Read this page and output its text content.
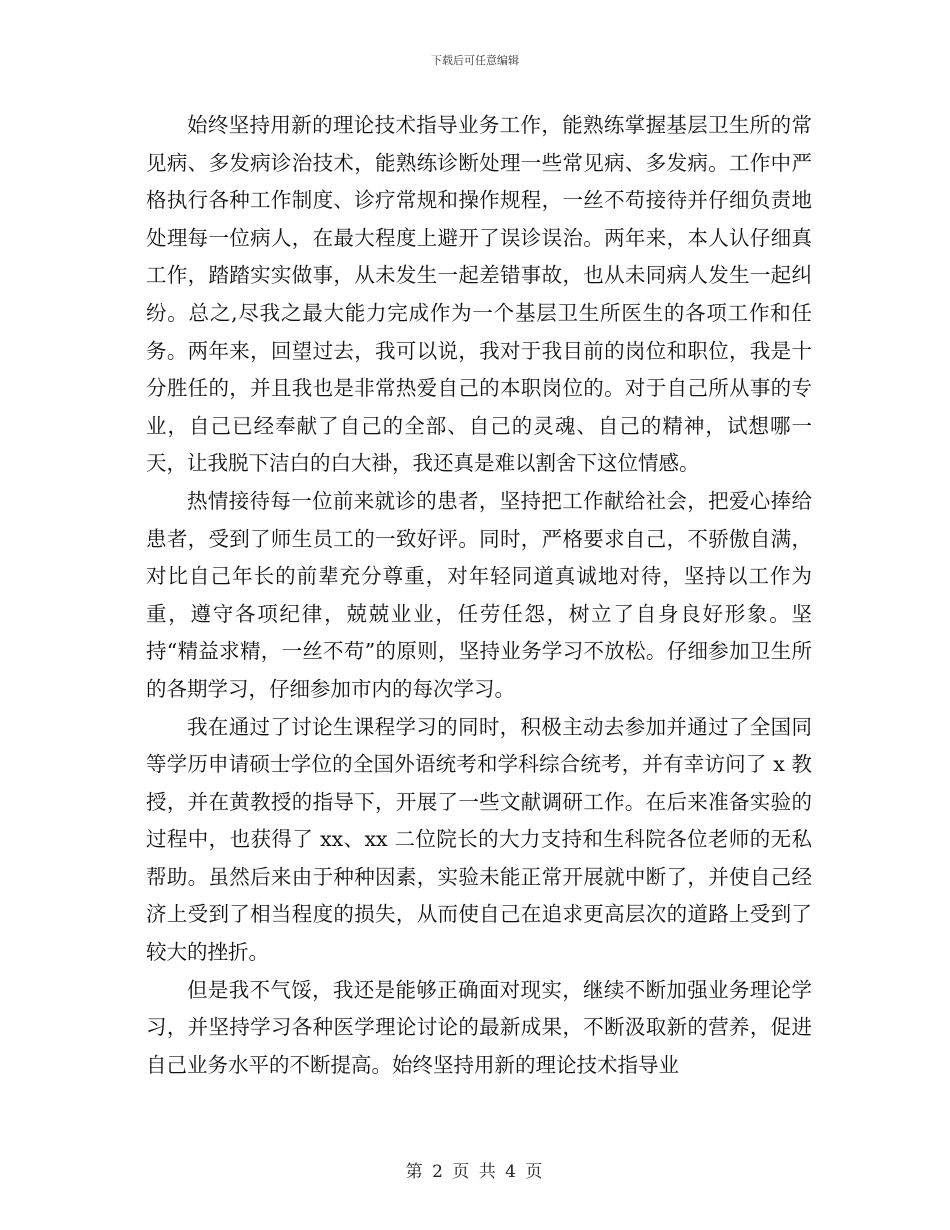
下载后可任意编辑

始终坚持用新的理论技术指导业务工作，能熟练掌握基层卫生所的常见病、多发病诊治技术，能熟练诊断处理一些常见病、多发病。工作中严格执行各种工作制度、诊疗常规和操作规程，一丝不苟接待并仔细负责地处理每一位病人，在最大程度上避开了误诊误治。两年来，本人认仔细真工作，踏踏实实做事，从未发生一起差错事故，也从未同病人发生一起纠纷。总之,尽我之最大能力完成作为一个基层卫生所医生的各项工作和任务。两年来，回望过去，我可以说，我对于我目前的岗位和职位，我是十分胜任的，并且我也是非常热爱自己的本职岗位的。对于自己所从事的专业，自己已经奉献了自己的全部、自己的灵魂、自己的精神，试想哪一天，让我脱下洁白的白大褂，我还真是难以割舍下这位情感。

热情接待每一位前来就诊的患者，坚持把工作献给社会，把爱心捧给患者，受到了师生员工的一致好评。同时，严格要求自己，不骄傲自满，对比自己年长的前辈充分尊重，对年轻同道真诚地对待，坚持以工作为重，遵守各项纪律，兢兢业业，任劳任怨，树立了自身良好形象。坚持“精益求精，一丝不苟”的原则，坚持业务学习不放松。仔细参加卫生所的各期学习，仔细参加市内的每次学习。

我在通过了讨论生课程学习的同时，积极主动去参加并通过了全国同等学历申请硕士学位的全国外语统考和学科综合统考，并有幸访问了 x 教授，并在黄教授的指导下，开展了一些文献调研工作。在后来准备实验的过程中，也获得了 xx、xx 二位院长的大力支持和生科院各位老师的无私帮助。虽然后来由于种种因素，实验未能正常开展就中断了，并使自己经济上受到了相当程度的损失，从而使自己在追求更高层次的道路上受到了较大的挫折。

但是我不气馁，我还是能够正确面对现实，继续不断加强业务理论学习，并坚持学习各种医学理论讨论的最新成果，不断汲取新的营养，促进自己业务水平的不断提高。始终坚持用新的理论技术指导业

第 2 页 共 4 页
